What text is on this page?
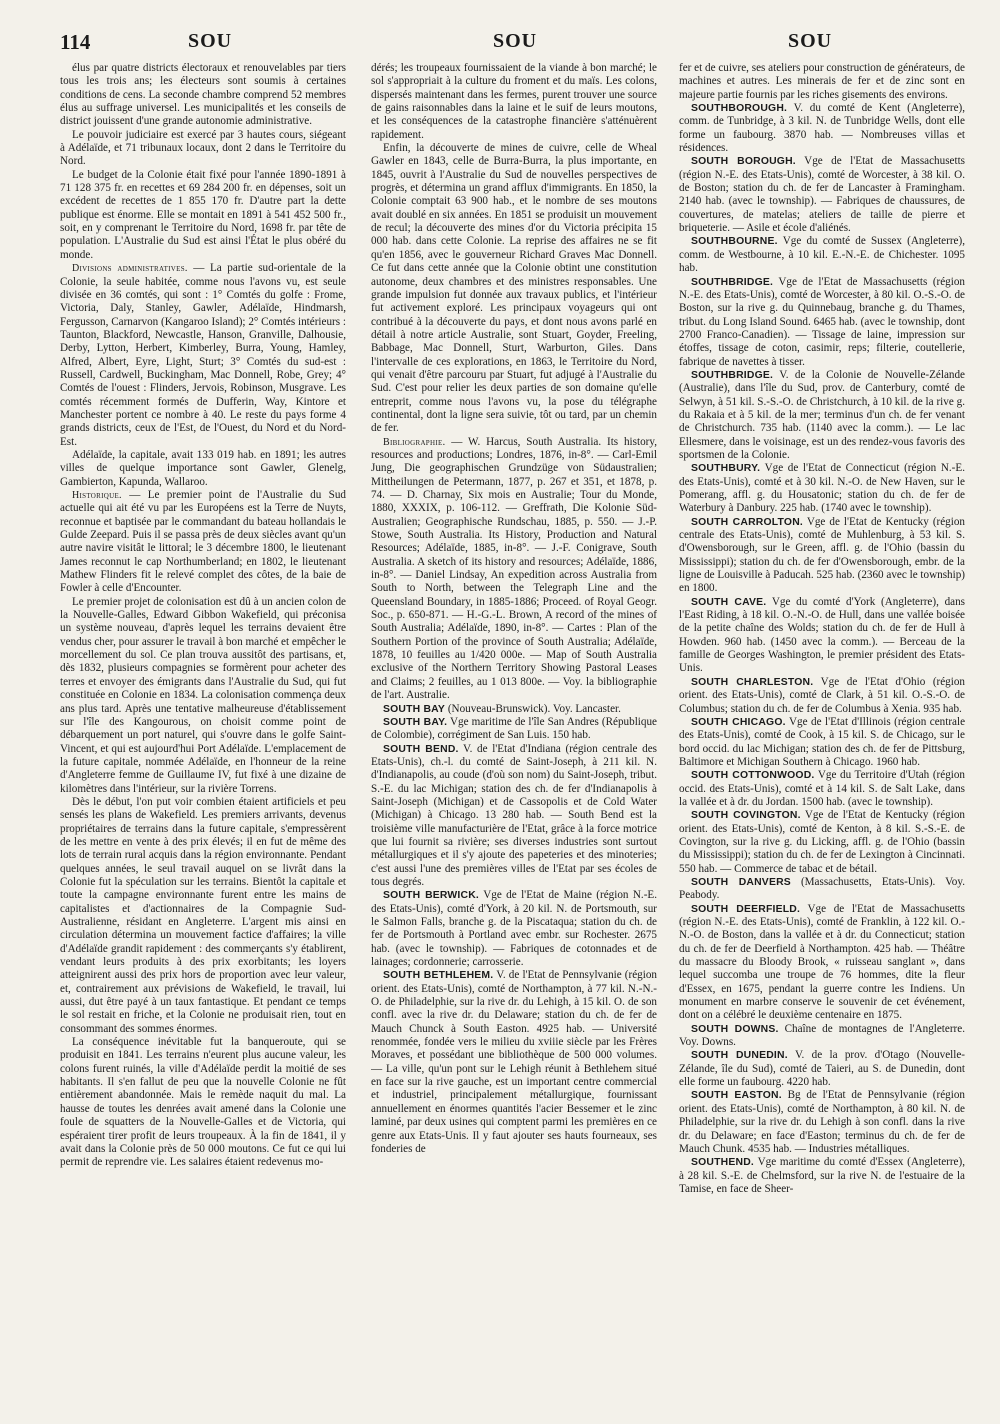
114	SOU	SOU	SOU

élus par quatre districts électoraux et renouvelables par tiers tous les trois ans; les électeurs sont soumis à certaines conditions de cens. La seconde chambre comprend 52 membres élus au suffrage universel. Les municipalités et les conseils de district jouissent d'une grande autonomie administrative.

Le pouvoir judiciaire est exercé par 3 hautes cours, siégeant à Adélaïde, et 71 tribunaux locaux, dont 2 dans le Territoire du Nord.

Le budget de la Colonie était fixé pour l'année 1890-1891 à 71 128 375 fr. en recettes et 69 284 200 fr. en dépenses, soit un excédent de recettes de 1 855 170 fr. D'autre part la dette publique est énorme. Elle se montait en 1891 à 541 452 500 fr., soit, en y comprenant le Territoire du Nord, 1698 fr. par tête de population. L'Australie du Sud est ainsi l'État le plus obéré du monde.

Divisions administratives. — La partie sud-orientale de la Colonie, la seule habitée, comme nous l'avons vu, est seule divisée en 36 comtés, qui sont : 1° Comtés du golfe : Frome, Victoria, Daly, Stanley, Gawler, Adélaïde, Hindmarsh, Fergusson, Carnarvon (Kangaroo Island); 2° Comtés intérieurs : Taunton, Blackford, Newcastle, Hanson, Granville, Dalhousie, Derby, Lytton, Herbert, Kimberley, Burra, Young, Hamley, Alfred, Albert, Eyre, Light, Sturt; 3° Comtés du sud-est : Russell, Cardwell, Buckingham, Mac Donnell, Robe, Grey; 4° Comtés de l'ouest : Flinders, Jervois, Robinson, Musgrave. Les comtés récemment formés de Dufferin, Way, Kintore et Manchester portent ce nombre à 40. Le reste du pays forme 4 grands districts, ceux de l'Est, de l'Ouest, du Nord et du Nord-Est.

Adélaïde, la capitale, avait 133 019 hab. en 1891; les autres villes de quelque importance sont Gawler, Glenelg, Gambierton, Kapunda, Wallaroo.

Historique. — Le premier point de l'Australie du Sud actuelle qui ait été vu par les Européens est la Terre de Nuyts, reconnue et baptisée par le commandant du bateau hollandais le Gulde Zeepard. Puis il se passa près de deux siècles avant qu'un autre navire visitât le littoral; le 3 décembre 1800, le lieutenant James reconnut le cap Northumberland; en 1802, le lieutenant Mathew Flinders fit le relevé complet des côtes, de la baie de Fowler à celle d'Encounter.

Le premier projet de colonisation est dû à un ancien colon de la Nouvelle-Galles, Edward Gibbon Wakefield, qui préconisa un système nouveau, d'après lequel les terrains devaient être vendus cher, pour assurer le travail à bon marché et empêcher le morcellement du sol. Ce plan trouva aussitôt des partisans, et, dès 1832, plusieurs compagnies se formèrent pour acheter des terres et envoyer des émigrants dans l'Australie du Sud, qui fut constituée en Colonie en 1834. La colonisation commença deux ans plus tard. Après une tentative malheureuse d'établissement sur l'île des Kangourous, on choisit comme point de débarquement un port naturel, qui s'ouvre dans le golfe Saint-Vincent, et qui est aujourd'hui Port Adélaïde. L'emplacement de la future capitale, nommée Adélaïde, en l'honneur de la reine d'Angleterre femme de Guillaume IV, fut fixé à une dizaine de kilomètres dans l'intérieur, sur la rivière Torrens.

Dès le début, l'on put voir combien étaient artificiels et peu sensés les plans de Wakefield. Les premiers arrivants, devenus propriétaires de terrains dans la future capitale, s'empressèrent de les mettre en vente à des prix élevés; il en fut de même des lots de terrain rural acquis dans la région environnante. Pendant quelques années, le seul travail auquel on se livrât dans la Colonie fut la spéculation sur les terrains. Bientôt la capitale et toute la campagne environnante furent entre les mains de capitalistes et d'actionnaires de la Compagnie Sud-Australienne, résidant en Angleterre. L'argent mis ainsi en circulation détermina un mouvement factice d'affaires; la ville d'Adélaïde grandit rapidement : des commerçants s'y établirent, vendant leurs produits à des prix exorbitants; les loyers atteignirent aussi des prix hors de proportion avec leur valeur, et, contrairement aux prévisions de Wakefield, le travail, lui aussi, dut être payé à un taux fantastique. Et pendant ce temps le sol restait en friche, et la Colonie ne produisait rien, tout en consommant des sommes énormes.

La conséquence inévitable fut la banqueroute, qui se produisit en 1841. Les terrains n'eurent plus aucune valeur, les colons furent ruinés, la ville d'Adélaïde perdit la moitié de ses habitants. Il s'en fallut de peu que la nouvelle Colonie ne fût entièrement abandonnée. Mais le remède naquit du mal. La hausse de toutes les denrées avait amené dans la Colonie une foule de squatters de la Nouvelle-Galles et de Victoria, qui espéraient tirer profit de leurs troupeaux. À la fin de 1841, il y avait dans la Colonie près de 50 000 moutons. Ce fut ce qui lui permit de reprendre vie. Les salaires étaient redevenus mo-

dérés; les troupeaux fournissaient de la viande à bon marché; le sol s'appropriait à la culture du froment et du maïs. Les colons, dispersés maintenant dans les fermes, purent trouver une source de gains raisonnables dans la laine et le suif de leurs moutons, et les conséquences de la catastrophe financière s'atténuèrent rapidement.

Enfin, la découverte de mines de cuivre, celle de Wheal Gawler en 1843, celle de Burra-Burra, la plus importante, en 1845, ouvrit à l'Australie du Sud de nouvelles perspectives de progrès, et détermina un grand afflux d'immigrants. En 1850, la Colonie comptait 63 900 hab., et le nombre de ses moutons avait doublé en six années. En 1851 se produisit un mouvement de recul; la découverte des mines d'or du Victoria précipita 15 000 hab. dans cette Colonie. La reprise des affaires ne se fit qu'en 1856, avec le gouverneur Richard Graves Mac Donnell. Ce fut dans cette année que la Colonie obtint une constitution autonome, deux chambres et des ministres responsables. Une grande impulsion fut donnée aux travaux publics, et l'intérieur fut activement exploré. Les principaux voyageurs qui ont contribué à la découverte du pays, et dont nous avons parlé en détail à notre article Australie, sont Stuart, Goyder, Freeling, Babbage, Mac Donnell, Sturt, Warburton, Giles. Dans l'intervalle de ces explorations, en 1863, le Territoire du Nord, qui venait d'être parcouru par Stuart, fut adjugé à l'Australie du Sud. C'est pour relier les deux parties de son domaine qu'elle entreprit, comme nous l'avons vu, la pose du télégraphe continental, dont la ligne sera suivie, tôt ou tard, par un chemin de fer.

Bibliographie. — W. Harcus, South Australia. Its history, resources and productions; Londres, 1876, in-8°. — Carl-Emil Jung, Die geographischen Grundzüge von Südaustralien; Mittheilungen de Petermann, 1877, p. 267 et 351, et 1878, p. 74. — D. Charnay, Six mois en Australie; Tour du Monde, 1880, XXXIX, p. 106-112. — Greffrath, Die Kolonie Süd-Australien; Geographische Rundschau, 1885, p. 550. — J.-P. Stowe, South Australia. Its History, Production and Natural Resources; Adélaïde, 1885, in-8°. — J.-F. Conigrave, South Australia. A sketch of its history and resources; Adélaïde, 1886, in-8°. — Daniel Lindsay, An expedition across Australia from South to North, between the Telegraph Line and the Queensland Boundary, in 1885-1886; Proceed. of Royal Geogr. Soc., p. 650-871. — H.-G.-L. Brown, A record of the mines of South Australia; Adélaïde, 1890, in-8°. — Cartes : Plan of the Southern Portion of the province of South Australia; Adélaïde, 1878, 10 feuilles au 1/420 000e. — Map of South Australia exclusive of the Northern Territory Showing Pastoral Leases and Claims; 2 feuilles, au 1 013 800e. — Voy. la bibliographie de l'art. Australie.

SOUTH BAY (Nouveau-Brunswick). Voy. Lancaster.

SOUTH BAY. Vge maritime de l'île San Andres (République de Colombie), corrégiment de San Luis. 150 hab.

SOUTH BEND. V. de l'Etat d'Indiana (région centrale des Etats-Unis), ch.-l. du comté de Saint-Joseph, à 211 kil. N. d'Indianapolis, au coude (d'où son nom) du Saint-Joseph, tribut. S.-E. du lac Michigan; station des ch. de fer d'Indianapolis à Saint-Joseph (Michigan) et de Cassopolis et de Cold Water (Michigan) à Chicago. 13 280 hab. — South Bend est la troisième ville manufacturière de l'Etat, grâce à la force motrice que lui fournit sa rivière; ses diverses industries sont surtout métallurgiques et il s'y ajoute des papeteries et des minoteries; c'est aussi l'une des premières villes de l'Etat par ses écoles de tous degrés.

SOUTH BERWICK. Vge de l'Etat de Maine (région N.-E. des Etats-Unis), comté d'York, à 20 kil. N. de Portsmouth, sur le Salmon Falls, branche g. de la Piscataqua; station du ch. de fer de Portsmouth à Portland avec embr. sur Rochester. 2675 hab. (avec le township). — Fabriques de cotonnades et de lainages; cordonnerie; carrosserie.

SOUTH BETHLEHEM. V. de l'Etat de Pennsylvanie (région orient. des Etats-Unis), comté de Northampton, à 77 kil. N.-N.-O. de Philadelphie, sur la rive dr. du Lehigh, à 15 kil. O. de son confl. avec la rive dr. du Delaware; station du ch. de fer de Mauch Chunck à South Easton. 4925 hab. — Université renommée, fondée vers le milieu du xviiie siècle par les Frères Moraves, et possédant une bibliothèque de 500 000 volumes. — La ville, qu'un pont sur le Lehigh réunit à Bethlehem situé en face sur la rive gauche, est un important centre commercial et industriel, principalement métallurgique, fournissant annuellement en énormes quantités l'acier Bessemer et le zinc laminé, par deux usines qui comptent parmi les premières en ce genre aux Etats-Unis. Il y faut ajouter ses hauts fourneaux, ses fonderies de

fer et de cuivre, ses ateliers pour construction de générateurs, de machines et autres. Les minerais de fer et de zinc sont en majeure partie fournis par les riches gisements des environs.

SOUTHBOROUGH. V. du comté de Kent (Angleterre), comm. de Tunbridge, à 3 kil. N. de Tunbridge Wells, dont elle forme un faubourg. 3870 hab. — Nombreuses villas et résidences.

SOUTH BOROUGH. Vge de l'Etat de Massachusetts (région N.-E. des Etats-Unis), comté de Worcester, à 38 kil. O. de Boston; station du ch. de fer de Lancaster à Framingham. 2140 hab. (avec le township). — Fabriques de chaussures, de couvertures, de matelas; ateliers de taille de pierre et briqueterie. — Asile et école d'aliénés.

SOUTHBOURNE. Vge du comté de Sussex (Angleterre), comm. de Westbourne, à 10 kil. E.-N.-E. de Chichester. 1095 hab.

SOUTHBRIDGE. Vge de l'Etat de Massachusetts (région N.-E. des Etats-Unis), comté de Worcester, à 80 kil. O.-S.-O. de Boston, sur la rive g. du Quinnebaug, branche g. du Thames, tribut. du Long Island Sound. 6465 hab. (avec le township, dont 2700 Franco-Canadien). — Tissage de laine, impression sur étoffes, tissage de coton, casimir, reps; filterie, coutellerie, fabrique de navettes à tisser.

SOUTHBRIDGE. V. de la Colonie de Nouvelle-Zélande (Australie), dans l'île du Sud, prov. de Canterbury, comté de Selwyn, à 51 kil. S.-S.-O. de Christchurch, à 10 kil. de la rive g. du Rakaia et à 5 kil. de la mer; terminus d'un ch. de fer venant de Christchurch. 735 hab. (1140 avec la comm.). — Le lac Ellesmere, dans le voisinage, est un des rendez-vous favoris des sportsmen de la Colonie.

SOUTHBURY. Vge de l'Etat de Connecticut (région N.-E. des Etats-Unis), comté et à 30 kil. N.-O. de New Haven, sur le Pomerang, affl. g. du Housatonic; station du ch. de fer de Waterbury à Danbury. 225 hab. (1740 avec le township).

SOUTH CARROLTON. Vge de l'Etat de Kentucky (région centrale des Etats-Unis), comté de Muhlenburg, à 53 kil. S. d'Owensborough, sur le Green, affl. g. de l'Ohio (bassin du Mississippi); station du ch. de fer d'Owensborough, embr. de la ligne de Louisville à Paducah. 525 hab. (2360 avec le township) en 1800.

SOUTH CAVE. Vge du comté d'York (Angleterre), dans l'East Riding, à 18 kil. O.-N.-O. de Hull, dans une vallée boisée de la petite chaîne des Wolds; station du ch. de fer de Hull à Howden. 960 hab. (1450 avec la comm.). — Berceau de la famille de Georges Washington, le premier président des Etats-Unis.

SOUTH CHARLESTON. Vge de l'Etat d'Ohio (région orient. des Etats-Unis), comté de Clark, à 51 kil. O.-S.-O. de Columbus; station du ch. de fer de Columbus à Xenia. 935 hab.

SOUTH CHICAGO. Vge de l'Etat d'Illinois (région centrale des Etats-Unis), comté de Cook, à 15 kil. S. de Chicago, sur le bord occid. du lac Michigan; station des ch. de fer de Pittsburg, Baltimore et Michigan Southern à Chicago. 1960 hab.

SOUTH COTTONWOOD. Vge du Territoire d'Utah (région occid. des Etats-Unis), comté et à 14 kil. S. de Salt Lake, dans la vallée et à dr. du Jordan. 1500 hab. (avec le township).

SOUTH COVINGTON. Vge de l'Etat de Kentucky (région orient. des Etats-Unis), comté de Kenton, à 8 kil. S.-S.-E. de Covington, sur la rive g. du Licking, affl. g. de l'Ohio (bassin du Mississippi); station du ch. de fer de Lexington à Cincinnati. 550 hab. — Commerce de tabac et de bétail.

SOUTH DANVERS (Massachusetts, Etats-Unis). Voy. Peabody.

SOUTH DEERFIELD. Vge de l'Etat de Massachusetts (région N.-E. des Etats-Unis), comté de Franklin, à 122 kil. O.-N.-O. de Boston, dans la vallée et à dr. du Connecticut; station du ch. de fer de Deerfield à Northampton. 425 hab. — Théâtre du massacre du Bloody Brook, « ruisseau sanglant », dans lequel succomba une troupe de 76 hommes, dite la fleur d'Essex, en 1675, pendant la guerre contre les Indiens. Un monument en marbre conserve le souvenir de cet événement, dont on a célébré le deuxième centenaire en 1875.

SOUTH DOWNS. Chaîne de montagnes de l'Angleterre. Voy. Downs.

SOUTH DUNEDIN. V. de la prov. d'Otago (Nouvelle-Zélande, île du Sud), comté de Taieri, au S. de Dunedin, dont elle forme un faubourg. 4220 hab.

SOUTH EASTON. Bg de l'Etat de Pennsylvanie (région orient. des Etats-Unis), comté de Northampton, à 80 kil. N. de Philadelphie, sur la rive dr. du Lehigh à son confl. dans la rive dr. du Delaware; en face d'Easton; terminus du ch. de fer de Mauch Chunk. 4535 hab. — Industries métalliques.

SOUTHEND. Vge maritime du comté d'Essex (Angleterre), à 28 kil. S.-E. de Chelmsford, sur la rive N. de l'estuaire de la Tamise, en face de Sheer-
